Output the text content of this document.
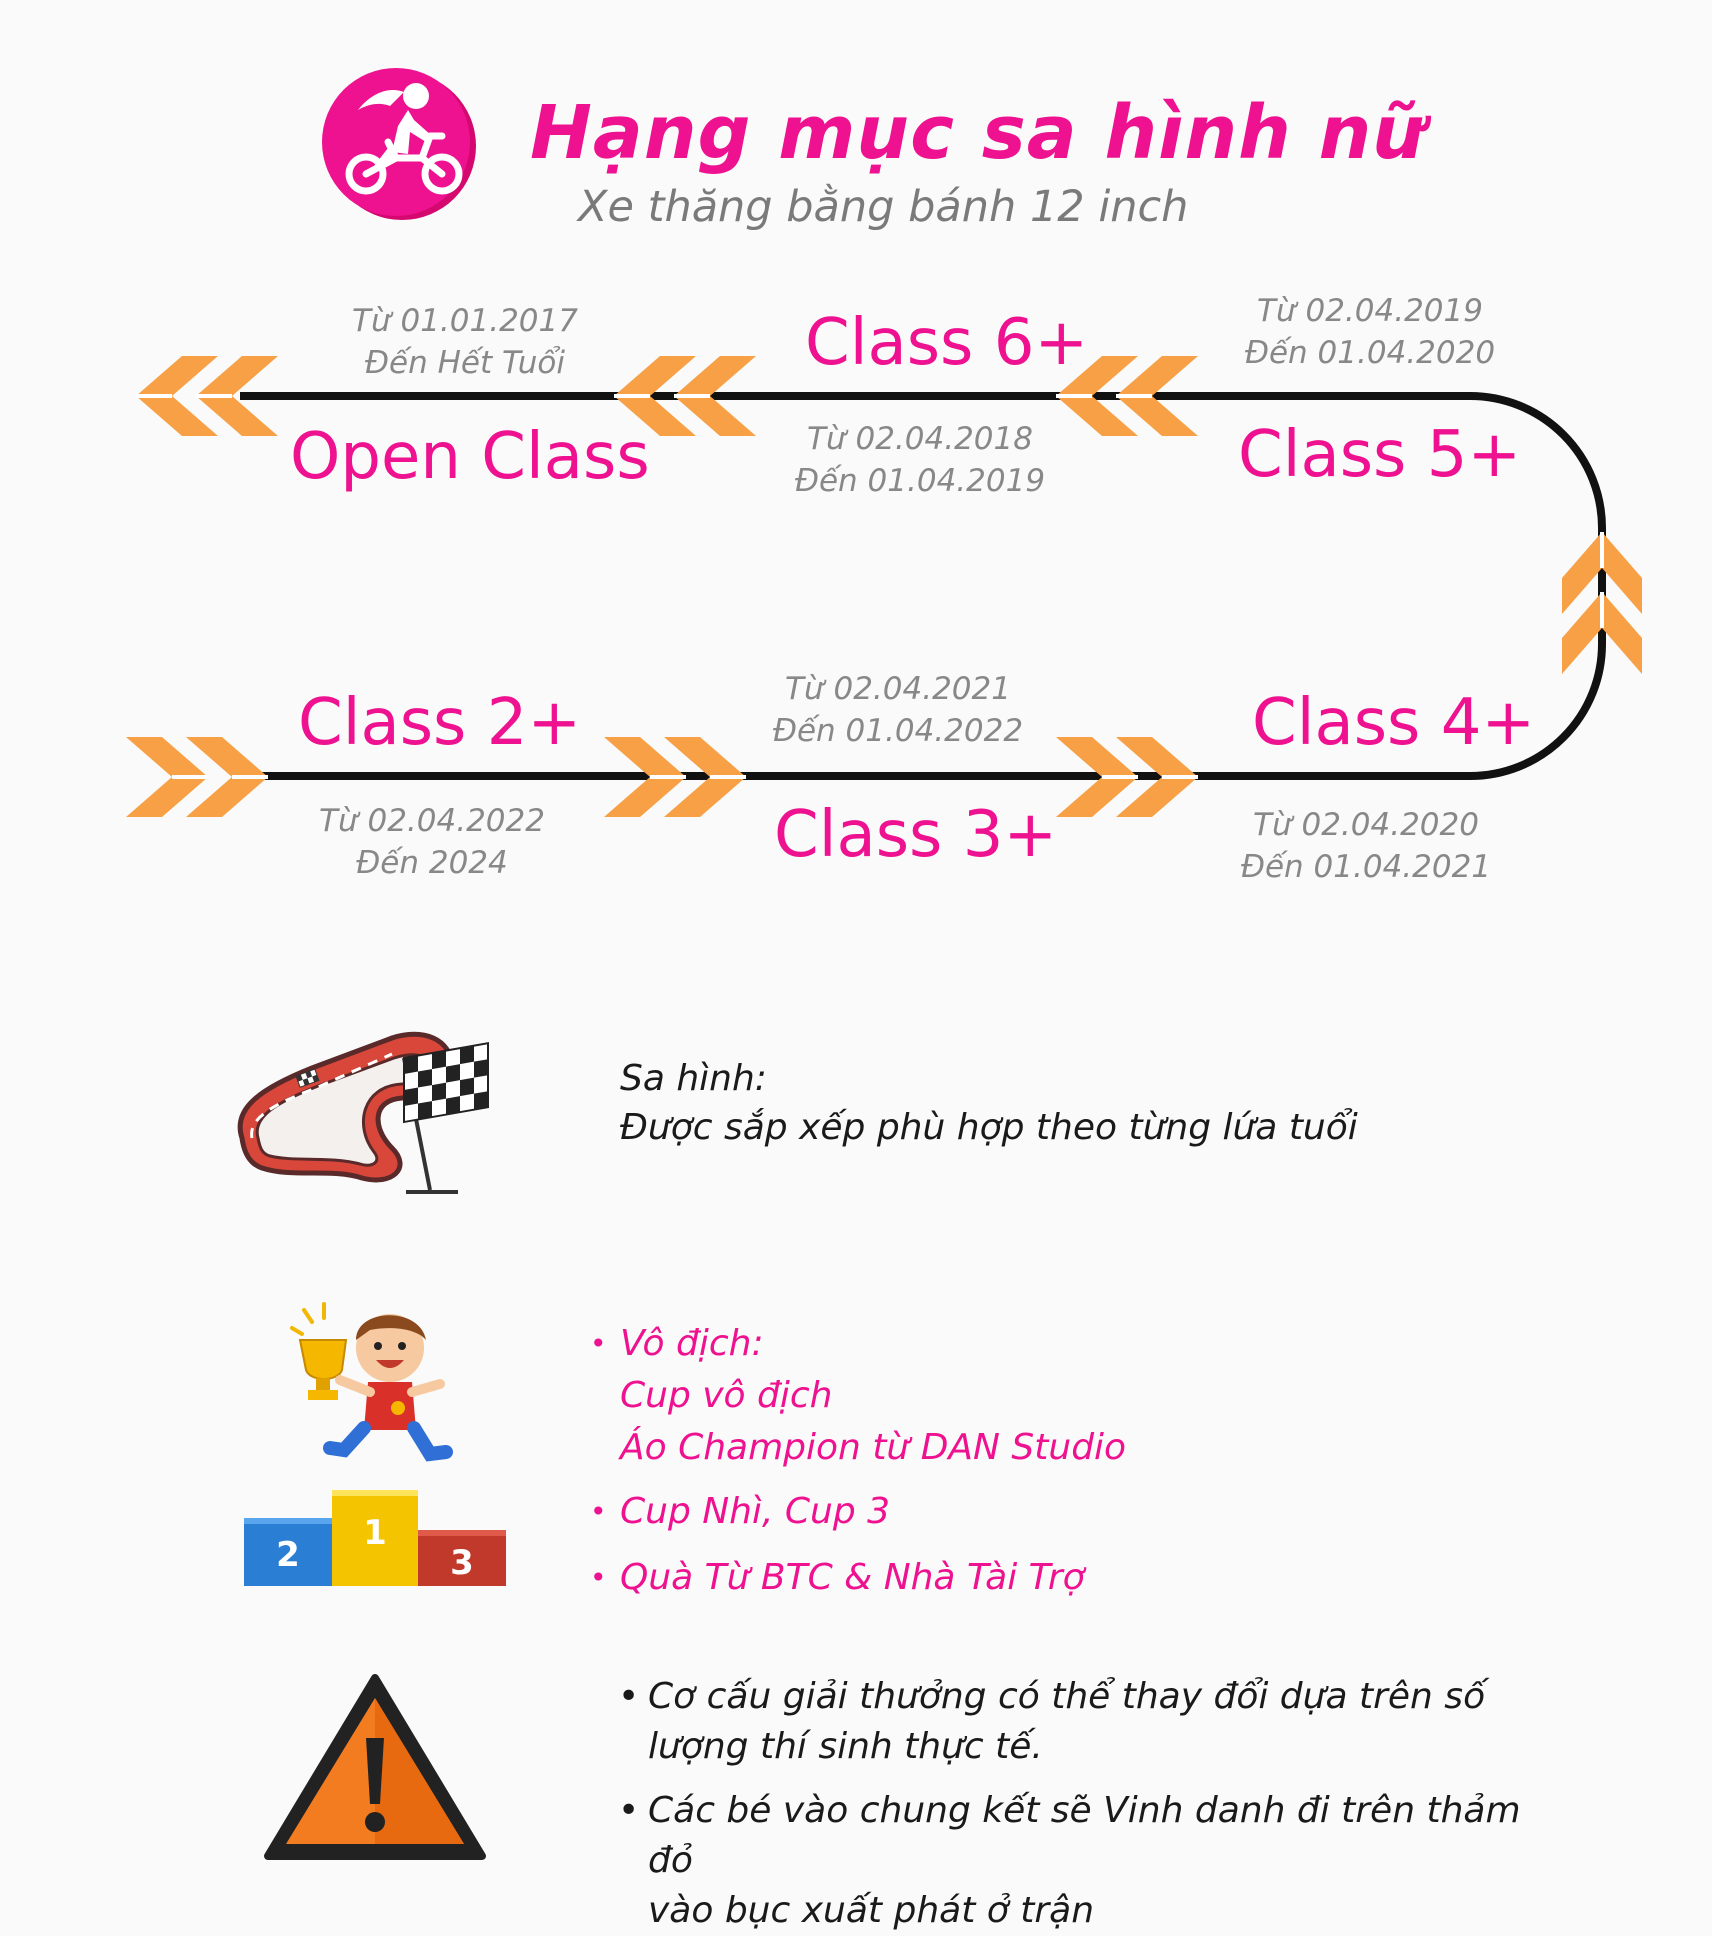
Hạng mục sa hình nữ
Xe thăng bằng bánh 12 inch
Open Class
Từ 01.01.2017
Đến Hết Tuổi	Class 6+
Từ 02.04.2018
Đến 01.04.2019	Class 5+
Từ 02.04.2019
Đến 01.04.2020
Class 4+
Từ 02.04.2020
Đến 01.04.2021
Class 3+
Từ 02.04.2021
Đến 01.04.2022
Class 2+
Từ 02.04.2022
Đến 2024
Sa hình:
Được sắp xếp phù hợp theo từng lứa tuổi
2
1
3
• Vô địch:
Cup vô địch
Áo Champion từ DAN Studio
• Cup Nhì, Cup 3
• Quà Từ BTC & Nhà Tài Trợ
• Cơ cấu giải thưởng có thể thay đổi dựa trên số
lượng thí sinh thực tế.
• Các bé vào chung kết sẽ Vinh danh đi trên thảm đỏ
vào bục xuất phát ở trận
